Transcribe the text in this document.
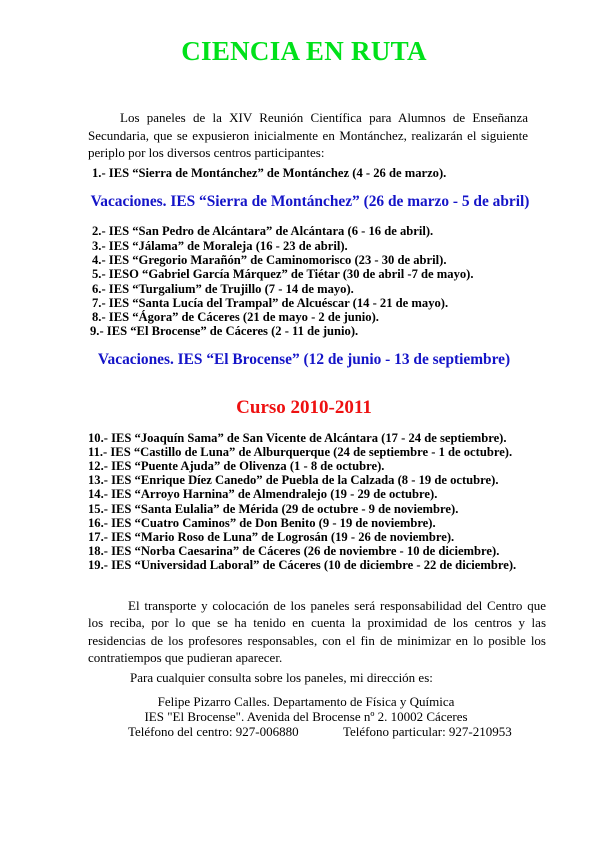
CIENCIA EN RUTA
Los paneles de la XIV Reunión Científica para Alumnos de Enseñanza Secundaria, que se expusieron inicialmente en Montánchez, realizarán el siguiente periplo por los diversos centros participantes:
1.- IES “Sierra de Montánchez” de Montánchez (4 - 26 de marzo).
Vacaciones. IES “Sierra de Montánchez” (26 de marzo - 5 de abril)
2.- IES “San Pedro de Alcántara” de Alcántara (6 - 16 de abril).
3.- IES “Jálama” de Moraleja (16 - 23 de abril).
4.- IES “Gregorio Marañón” de Caminomorisco (23 - 30 de abril).
5.- IESO “Gabriel García Márquez” de Tiétar (30 de abril -7 de mayo).
6.- IES “Turgalium” de Trujillo (7 - 14 de mayo).
7.- IES “Santa Lucía del Trampal” de Alcuéscar (14 - 21 de mayo).
8.- IES “Ágora” de Cáceres (21 de mayo - 2 de junio).
9.- IES “El Brocense” de Cáceres (2 - 11 de junio).
Vacaciones. IES “El Brocense” (12 de junio - 13 de septiembre)
Curso 2010-2011
10.- IES “Joaquín Sama” de San Vicente de Alcántara (17 - 24 de septiembre).
11.- IES “Castillo de Luna” de Alburquerque (24 de septiembre - 1 de octubre).
12.- IES “Puente Ajuda” de Olivenza (1 - 8 de octubre).
13.- IES “Enrique Díez Canedo” de Puebla de la Calzada (8 - 19 de octubre).
14.- IES “Arroyo Harnina” de Almendralejo (19 - 29 de octubre).
15.- IES “Santa Eulalia” de Mérida (29 de octubre - 9 de noviembre).
16.- IES “Cuatro Caminos” de Don Benito (9 - 19 de noviembre).
17.- IES “Mario Roso de Luna” de Logrosán (19 - 26 de noviembre).
18.- IES “Norba Caesarina” de Cáceres (26 de noviembre - 10 de diciembre).
19.- IES “Universidad Laboral” de Cáceres (10 de diciembre - 22 de diciembre).
El transporte y colocación de los paneles será responsabilidad del Centro que los reciba, por lo que se ha tenido en cuenta la proximidad de los centros y las residencias de los profesores responsables, con el fin de minimizar en lo posible los contratiempos que pudieran aparecer.
Para cualquier consulta sobre los paneles, mi dirección es:
Felipe Pizarro Calles. Departamento de Física y Química
IES "El Brocense". Avenida del Brocense nº 2. 10002 Cáceres
Teléfono del centro: 927-006880	Teléfono particular: 927-210953
